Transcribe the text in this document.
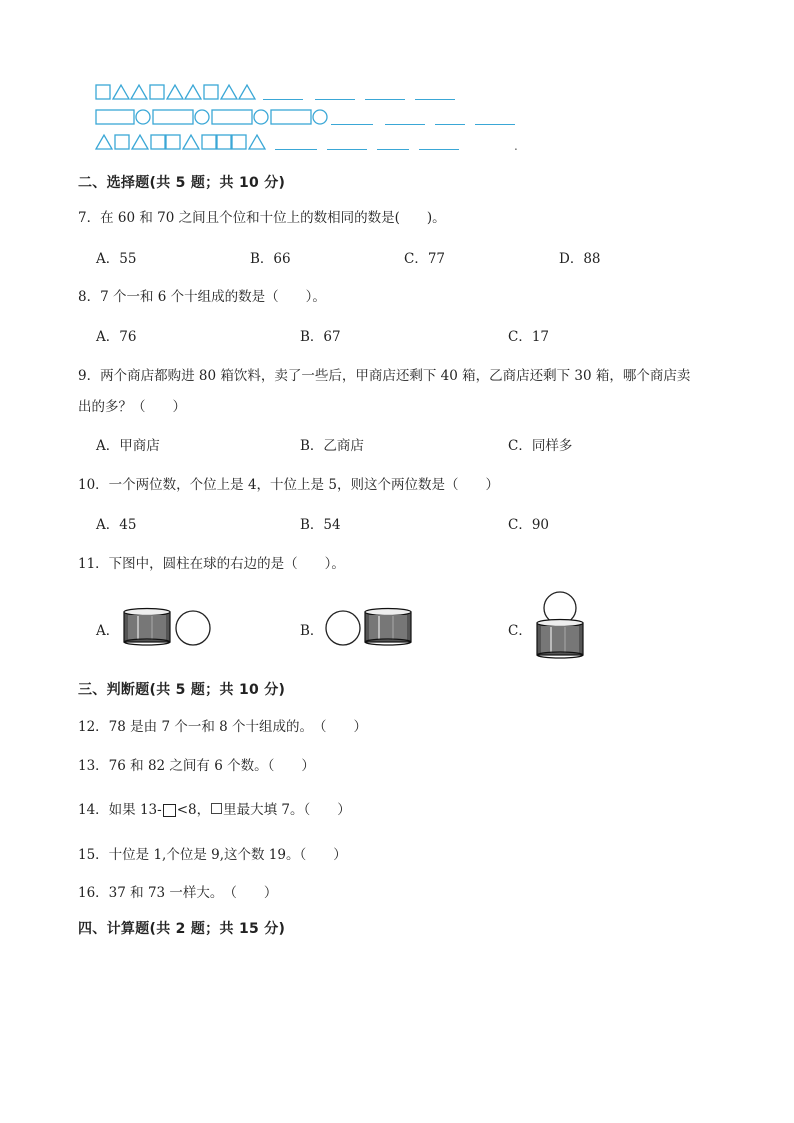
.
二、选择题(共 5 题；共 10 分)
7．在 60 和 70 之间且个位和十位上的数相同的数是(　　)。
A．55	B．66	C．77	D．88
8．7 个一和 6 个十组成的数是（　　）。
A．76	B．67	C．17
9．两个商店都购进 80 箱饮料，卖了一些后，甲商店还剩下 40 箱，乙商店还剩下 30 箱，哪个商店卖
出的多？（　　）
A．甲商店	B．乙商店	C．同样多
10．一个两位数，个位上是 4，十位上是 5，则这个两位数是（　　）
A．45	B．54	C．90
11．下图中，圆柱在球的右边的是（　　）。
A．	B．	C．
三、判断题(共 5 题；共 10 分)
12．78 是由 7 个一和 8 个十组成的。　（　　）
13．76 和 82 之间有 6 个数。（　　）
14．如果 13- <8， 里最大填 7。（　　）
15．十位是 1,个位是 9,这个数 19。（　　）
16．37 和 73 一样大。　（　　）
四、计算题(共 2 题；共 15 分)
